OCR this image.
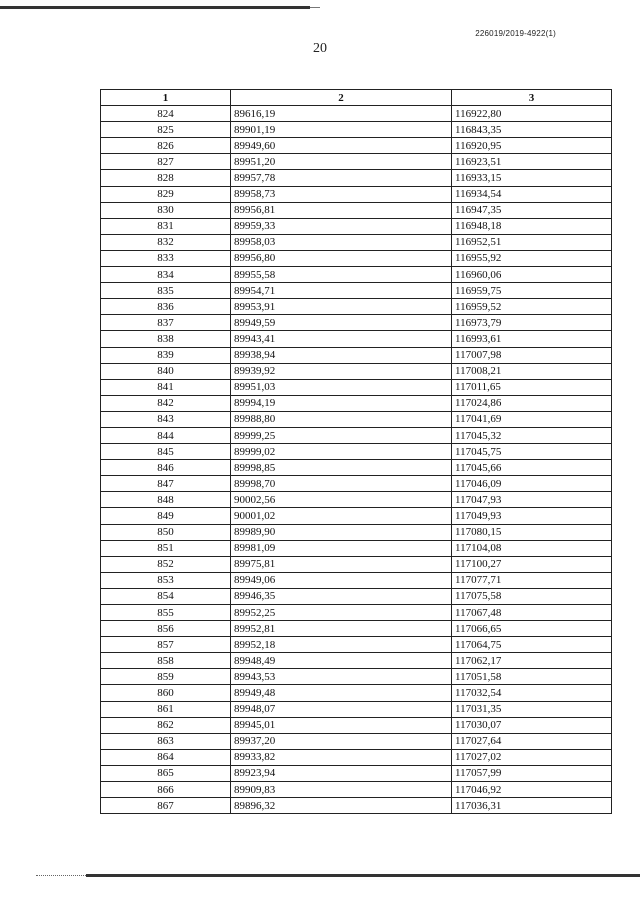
226019/2019-4922(1)
20
1	2	3
824	89616,19	116922,80
825	89901,19	116843,35
826	89949,60	116920,95
827	89951,20	116923,51
828	89957,78	116933,15
829	89958,73	116934,54
830	89956,81	116947,35
831	89959,33	116948,18
832	89958,03	116952,51
833	89956,80	116955,92
834	89955,58	116960,06
835	89954,71	116959,75
836	89953,91	116959,52
837	89949,59	116973,79
838	89943,41	116993,61
839	89938,94	117007,98
840	89939,92	117008,21
841	89951,03	117011,65
842	89994,19	117024,86
843	89988,80	117041,69
844	89999,25	117045,32
845	89999,02	117045,75
846	89998,85	117045,66
847	89998,70	117046,09
848	90002,56	117047,93
849	90001,02	117049,93
850	89989,90	117080,15
851	89981,09	117104,08
852	89975,81	117100,27
853	89949,06	117077,71
854	89946,35	117075,58
855	89952,25	117067,48
856	89952,81	117066,65
857	89952,18	117064,75
858	89948,49	117062,17
859	89943,53	117051,58
860	89949,48	117032,54
861	89948,07	117031,35
862	89945,01	117030,07
863	89937,20	117027,64
864	89933,82	117027,02
865	89923,94	117057,99
866	89909,83	117046,92
867	89896,32	117036,31
